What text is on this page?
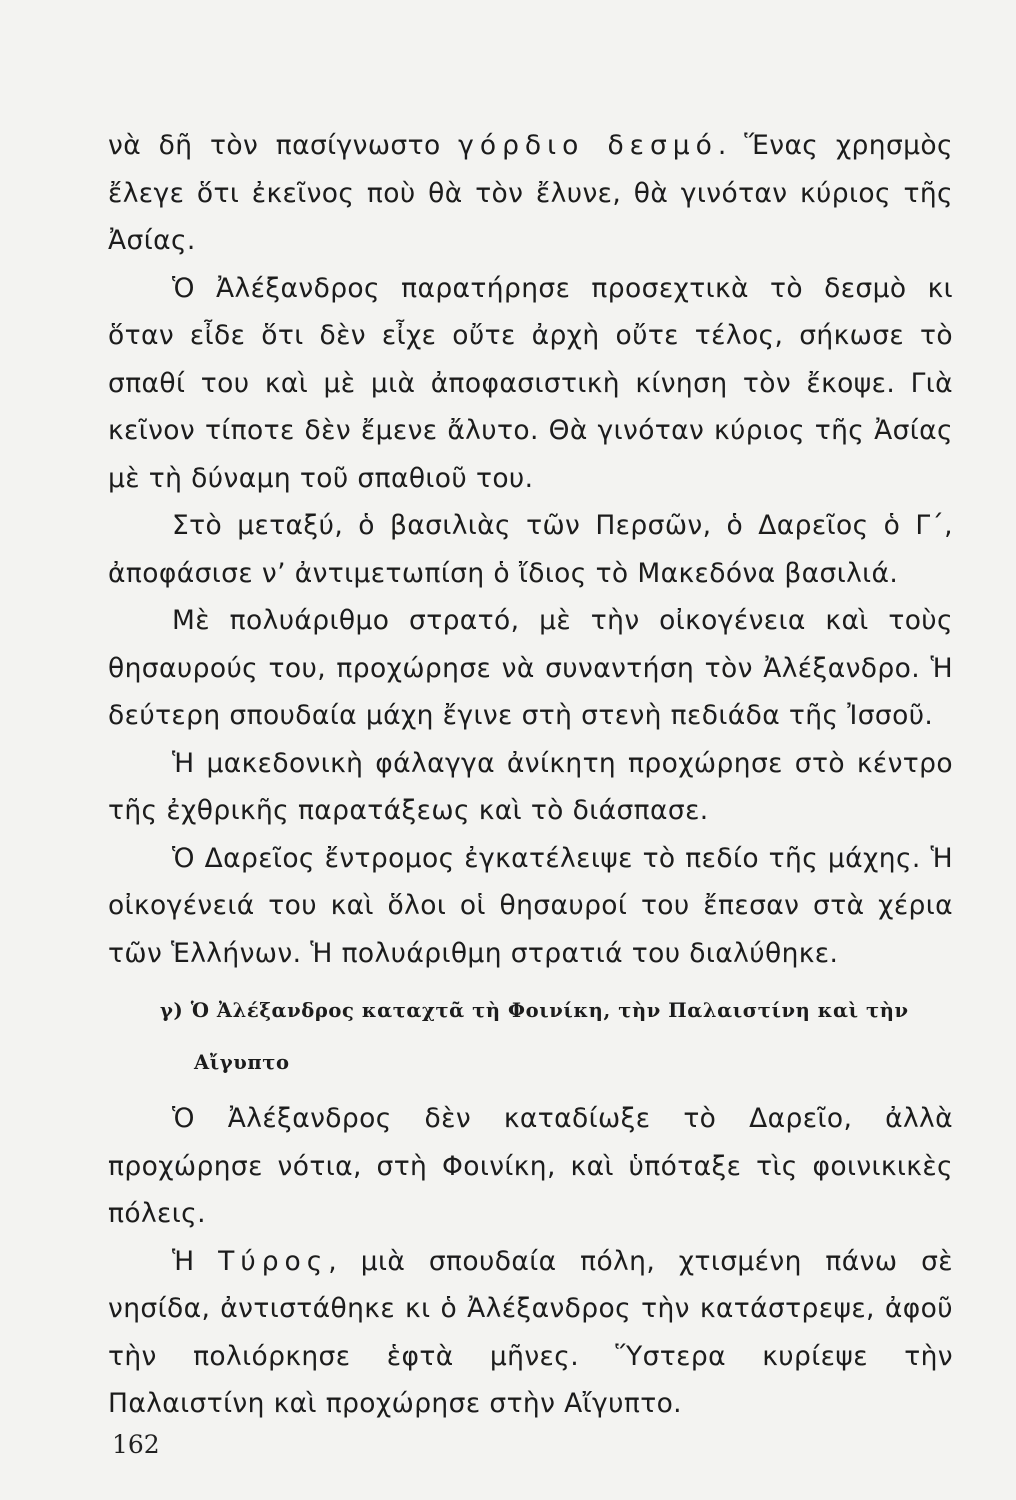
νὰ δῆ τὸν πασίγνωστο γόρδιο δεσμό. Ἕνας χρησμὸς ἔλεγε ὅτι ἐκεῖνος ποὺ θὰ τὸν ἔλυνε, θὰ γινόταν κύριος τῆς Ἀσίας.

Ὁ Ἀλέξανδρος παρατήρησε προσεχτικὰ τὸ δεσμὸ κι ὅταν εἶδε ὅτι δὲν εἶχε οὔτε ἀρχὴ οὔτε τέλος, σήκωσε τὸ σπαθί του καὶ μὲ μιὰ ἀποφασιστικὴ κίνηση τὸν ἔκοψε. Γιὰ κεῖνον τίποτε δὲν ἔμενε ἄλυτο. Θὰ γινόταν κύριος τῆς Ἀσίας μὲ τὴ δύναμη τοῦ σπαθιοῦ του.

Στὸ μεταξύ, ὁ βασιλιὰς τῶν Περσῶν, ὁ Δαρεῖος ὁ Γ΄, ἀποφάσισε ν’ ἀντιμετωπίση ὁ ἴδιος τὸ Μακεδόνα βασιλιά.

Μὲ πολυάριθμο στρατό, μὲ τὴν οἰκογένεια καὶ τοὺς θησαυρούς του, προχώρησε νὰ συναντήση τὸν Ἀλέξανδρο. Ἡ δεύτερη σπουδαία μάχη ἔγινε στὴ στενὴ πεδιάδα τῆς Ἰσσοῦ.

Ἡ μακεδονικὴ φάλαγγα ἀνίκητη προχώρησε στὸ κέντρο τῆς ἐχθρικῆς παρατάξεως καὶ τὸ διάσπασε.

Ὁ Δαρεῖος ἔντρομος ἐγκατέλειψε τὸ πεδίο τῆς μάχης. Ἡ οἰκογένειά του καὶ ὅλοι οἱ θησαυροί του ἔπεσαν στὰ χέρια τῶν Ἑλλήνων. Ἡ πολυάριθμη στρατιά του διαλύθηκε.

γ) Ὁ Ἀλέξανδρος καταχτᾶ τὴ Φοινίκη, τὴν Παλαιστίνη καὶ τὴν
Αἴγυπτο

Ὁ Ἀλέξανδρος δὲν καταδίωξε τὸ Δαρεῖο, ἀλλὰ προχώρησε νότια, στὴ Φοινίκη, καὶ ὑπόταξε τὶς φοινικικὲς πόλεις.

Ἡ Τύρος, μιὰ σπουδαία πόλη, χτισμένη πάνω σὲ νησίδα, ἀντιστάθηκε κι ὁ Ἀλέξανδρος τὴν κατάστρεψε, ἀφοῦ τὴν πολιόρκησε ἑφτὰ μῆνες. Ὕστερα κυρίεψε τὴν Παλαιστίνη καὶ προχώρησε στὴν Αἴγυπτο.

162
